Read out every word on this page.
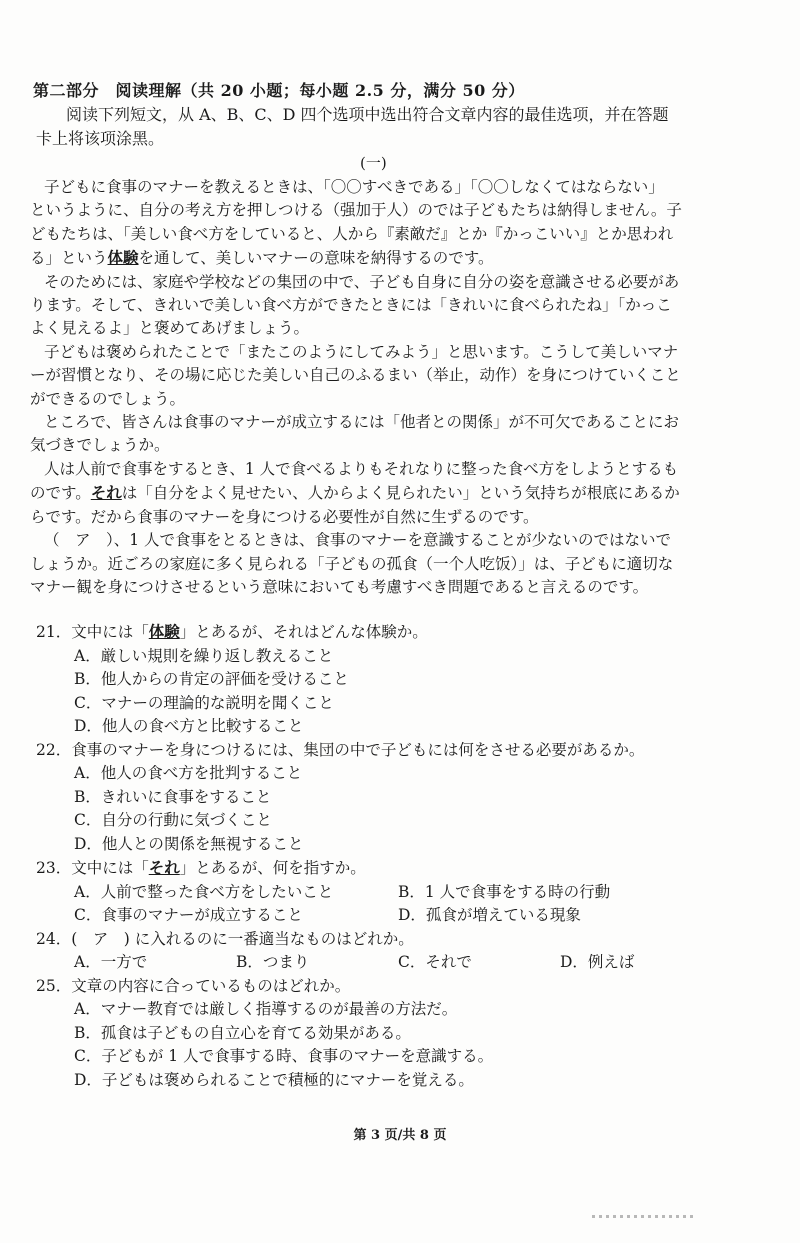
第二部分　阅读理解（共 20 小题；每小题 2.5 分，满分 50 分）
阅读下列短文，从 A、B、C、D 四个选项中选出符合文章内容的最佳选项，并在答题
卡上将该项涂黑。
(一)

子どもに食事のマナーを教えるときは、「〇〇すべきである」「〇〇しなくてはならない」
というように、自分の考え方を押しつける（强加于人）のでは子どもたちは納得しません。子
どもたちは、「美しい食べ方をしていると、人から『素敵だ』とか『かっこいい』とか思われ
る」という体験を通して、美しいマナーの意味を納得するのです。

そのためには、家庭や学校などの集団の中で、子ども自身に自分の姿を意識させる必要があ
ります。そして、きれいで美しい食べ方ができたときには「きれいに食べられたね」「かっこ
よく見えるよ」と褒めてあげましょう。

子どもは褒められたことで「またこのようにしてみよう」と思います。こうして美しいマナ
ーが習慣となり、その場に応じた美しい自己のふるまい（举止，动作）を身につけていくこと
ができるのでしょう。

ところで、皆さんは食事のマナーが成立するには「他者との関係」が不可欠であることにお
気づきでしょうか。

人は人前で食事をするとき、1 人で食べるよりもそれなりに整った食べ方をしようとするも
のです。それは「自分をよく見せたい、人からよく見られたい」という気持ちが根底にあるか
らです。だから食事のマナーを身につける必要性が自然に生ずるのです。

（　ア　）、1 人で食事をとるときは、食事のマナーを意識することが少ないのではないで
しょうか。近ごろの家庭に多く見られる「子どもの孤食（一个人吃饭）」は、子どもに適切な
マナー観を身につけさせるという意味においても考慮すべき問題であると言えるのです。

21．文中には「体験」とあるが、それはどんな体験か。
A．厳しい規則を繰り返し教えること
B．他人からの肯定の評価を受けること
C．マナーの理論的な説明を聞くこと
D．他人の食べ方と比較すること
22．食事のマナーを身につけるには、集団の中で子どもには何をさせる必要があるか。
A．他人の食べ方を批判すること
B．きれいに食事をすること
C．自分の行動に気づくこと
D．他人との関係を無視すること
23．文中には「それ」とあるが、何を指すか。
A．人前で整った食べ方をしたいこと	B．1 人で食事をする時の行動
C．食事のマナーが成立すること	D．孤食が増えている現象
24．(　ア　) に入れるのに一番適当なものはどれか。
A．一方で	B．つまり	C．それで	D．例えば
25．文章の内容に合っているものはどれか。
A．マナー教育では厳しく指導するのが最善の方法だ。
B．孤食は子どもの自立心を育てる効果がある。
C．子どもが 1 人で食事する時、食事のマナーを意識する。
D．子どもは褒められることで積極的にマナーを覚える。
第 3 页/共 8 页
